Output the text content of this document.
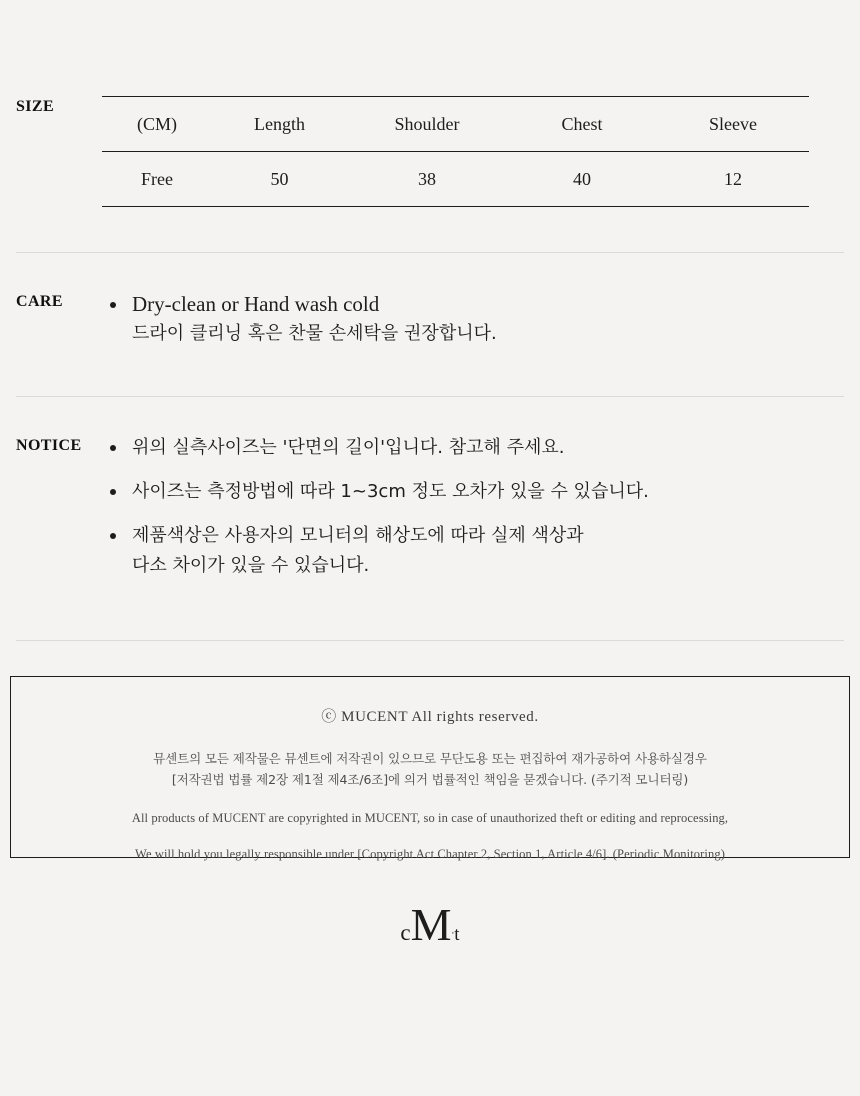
SIZE
(CM)	Length	Shoulder	Chest	Sleeve
Free	50	38	40	12
CARE	Dry-clean or Hand wash cold
드라이 클리닝 혹은 찬물 손세탁을 권장합니다.
NOTICE	위의 실측사이즈는 '단면의 길이'입니다. 참고해 주세요.
사이즈는 측정방법에 따라 1~3cm 정도 오차가 있을 수 있습니다.
제품색상은 사용자의 모니터의 해상도에 따라 실제 색상과
다소 차이가 있을 수 있습니다.
ⓒ MUCENT All rights reserved.
뮤센트의 모든 제작물은 뮤센트에 저작권이 있으므로 무단도용 또는 편집하여 재가공하여 사용하실경우
[저작권법 법률 제2장 제1절 제4조/6조]에 의거 법률적인 책임을 묻겠습니다. (주기적 모니터링)
All products of MUCENT are copyrighted in MUCENT, so in case of unauthorized theft or editing and reprocessing,
We will hold you legally responsible under [Copyright Act Chapter 2, Section 1, Article 4/6]. (Periodic Monitoring)
cM.t
